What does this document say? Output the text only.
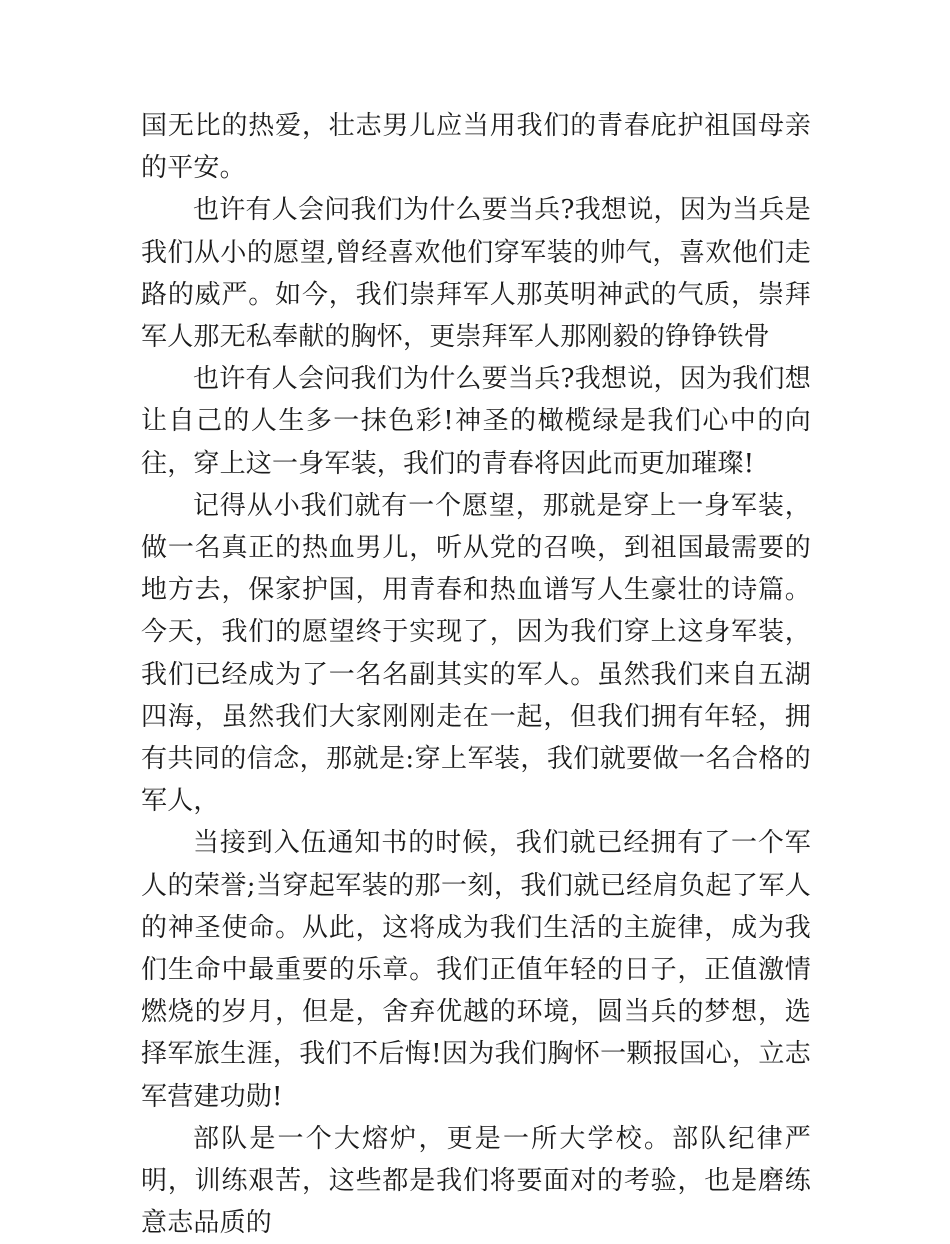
国无比的热爱，壮志男儿应当用我们的青春庇护祖国母亲的平安。

也许有人会问我们为什么要当兵?我想说，因为当兵是我们从小的愿望,曾经喜欢他们穿军装的帅气，喜欢他们走路的威严。如今，我们崇拜军人那英明神武的气质，崇拜军人那无私奉献的胸怀，更崇拜军人那刚毅的铮铮铁骨

也许有人会问我们为什么要当兵?我想说，因为我们想让自己的人生多一抹色彩!神圣的橄榄绿是我们心中的向往，穿上这一身军装，我们的青春将因此而更加璀璨!

记得从小我们就有一个愿望，那就是穿上一身军装，做一名真正的热血男儿，听从党的召唤，到祖国最需要的地方去，保家护国，用青春和热血谱写人生豪壮的诗篇。今天，我们的愿望终于实现了，因为我们穿上这身军装，我们已经成为了一名名副其实的军人。虽然我们来自五湖四海，虽然我们大家刚刚走在一起，但我们拥有年轻，拥有共同的信念，那就是:穿上军装，我们就要做一名合格的军人，

当接到入伍通知书的时候，我们就已经拥有了一个军人的荣誉;当穿起军装的那一刻，我们就已经肩负起了军人的神圣使命。从此，这将成为我们生活的主旋律，成为我们生命中最重要的乐章。我们正值年轻的日子，正值激情燃烧的岁月，但是，舍弃优越的环境，圆当兵的梦想，选择军旅生涯，我们不后悔!因为我们胸怀一颗报国心，立志军营建功勋!

部队是一个大熔炉，更是一所大学校。部队纪律严明，训练艰苦，这些都是我们将要面对的考验，也是磨练意志品质的
